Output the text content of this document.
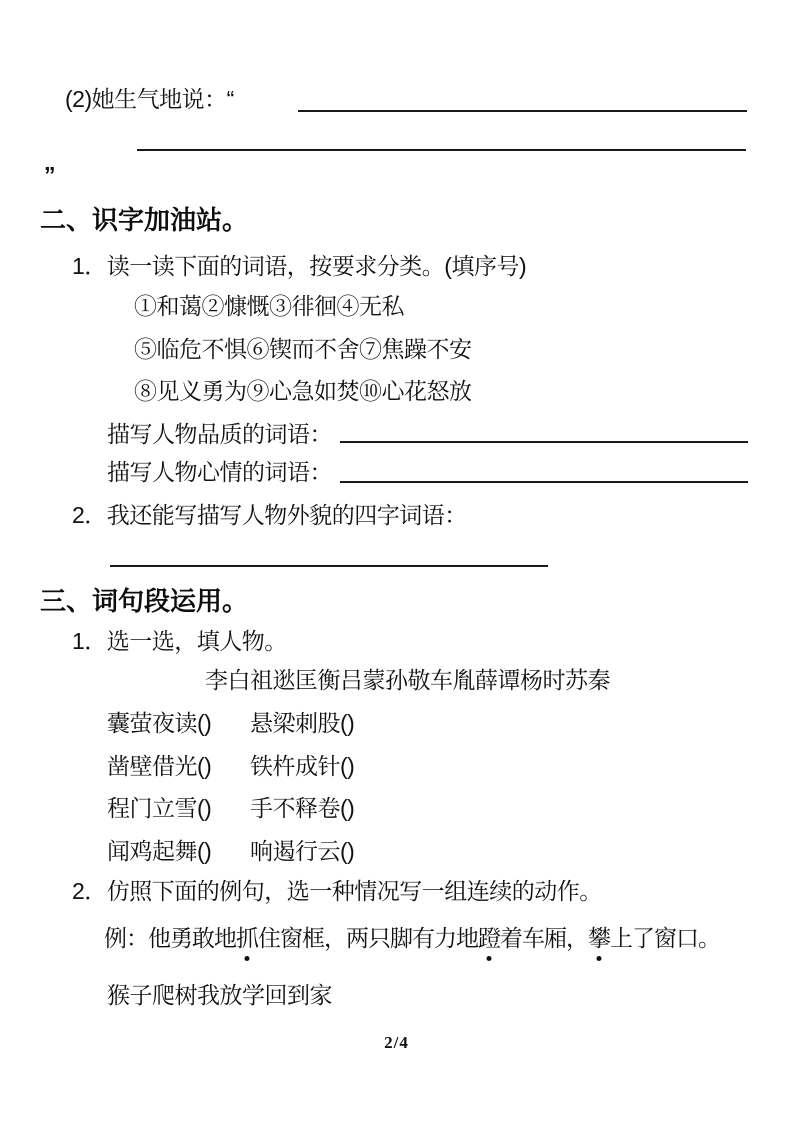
(2)她生气地说：“
”
二、识字加油站。
1．读一读下面的词语，按要求分类。(填序号)
①和蔼②慷慨③徘徊④无私
⑤临危不惧⑥锲而不舍⑦焦躁不安
⑧见义勇为⑨心急如焚⑩心花怒放
描写人物品质的词语：
描写人物心情的词语：
2．我还能写描写人物外貌的四字词语：
三、词句段运用。
1．选一选，填人物。
李白祖逖匡衡吕蒙孙敬车胤薛谭杨时苏秦
囊萤夜读() 悬梁刺股()
凿壁借光() 铁杵成针()
程门立雪() 手不释卷()
闻鸡起舞() 响遏行云()
2．仿照下面的例句，选一种情况写一组连续的动作。
例：他勇敢地抓住窗框，两只脚有力地蹬着车厢，攀上了窗口。
猴子爬树我放学回到家
2/4
